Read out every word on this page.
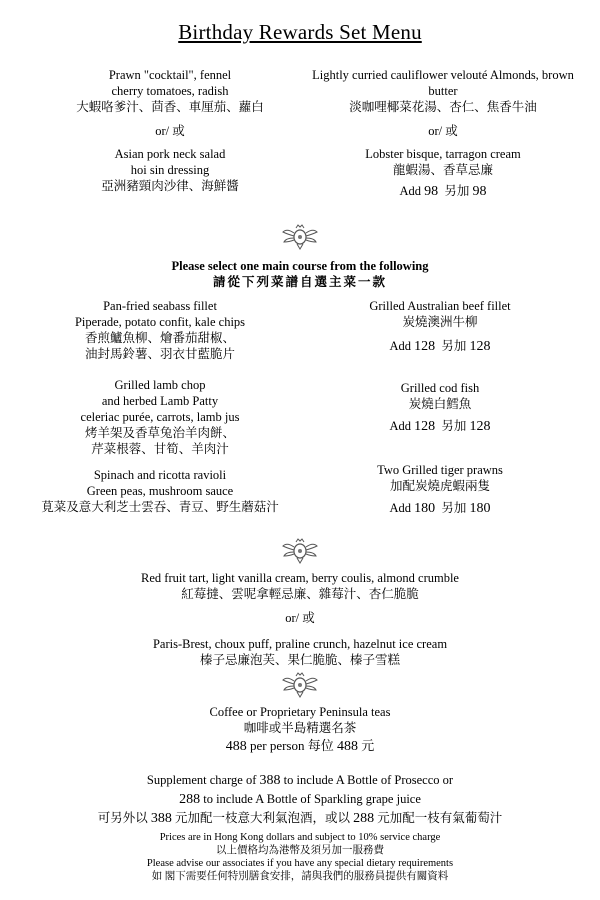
Birthday Rewards Set Menu
Prawn "cocktail", fennel
cherry tomatoes, radish
大蝦咯爹汁、茴香、車厘茄、蘿白
or/ 或
Asian pork neck salad
hoi sin dressing
亞洲豬頸肉沙律、海鮮醬
Lightly curried cauliflower velouté Almonds, brown
butter
淡咖哩椰菜花湯、杏仁、焦香牛油
or/ 或
Lobster bisque, tarragon cream
龍蝦湯、香草忌廉
Add 98 另加 98
Please select one main course from the following
請從下列菜譜自選主菜一款
Pan-fried seabass fillet
Piperade, potato confit, kale chips
香煎鱸魚柳、燴番茄甜椒、
油封馬鈴薯、羽衣甘藍脆片
Grilled lamb chop
and herbed Lamb Patty
celeriac purée, carrots, lamb jus
烤羊架及香草兔治羊肉餅、
芹菜根蓉、甘筍、羊肉汁
Spinach and ricotta ravioli
Green peas, mushroom sauce
莧菜及意大利芝士雲吞、青豆、野生蘑菇汁
Grilled Australian beef fillet
炭燒澳洲牛柳
Add 128 另加 128
Grilled cod fish
炭燒白鱈魚
Add 128 另加 128
Two Grilled tiger prawns
加配炭燒虎蝦兩隻
Add 180 另加 180
Red fruit tart, light vanilla cream, berry coulis, almond crumble
紅莓撻、雲呢拿輕忌廉、雜莓汁、杏仁脆脆
or/ 或
Paris-Brest, choux puff, praline crunch, hazelnut ice cream
榛子忌廉泡芙、果仁脆脆、榛子雪糕
Coffee or Proprietary Peninsula teas
咖啡或半島精選名茶
488 per person 每位 488 元
Supplement charge of 388 to include A Bottle of Prosecco or
288 to include A Bottle of Sparkling grape juice
可另外以 388 元加配一枝意大利氣泡酒，或以 288 元加配一枝有氣葡萄汁
Prices are in Hong Kong dollars and subject to 10% service charge
以上價格均為港幣及須另加一服務費
Please advise our associates if you have any special dietary requirements
如 閣下需要任何特別膳食安排，請與我們的服務員提供有關資料
